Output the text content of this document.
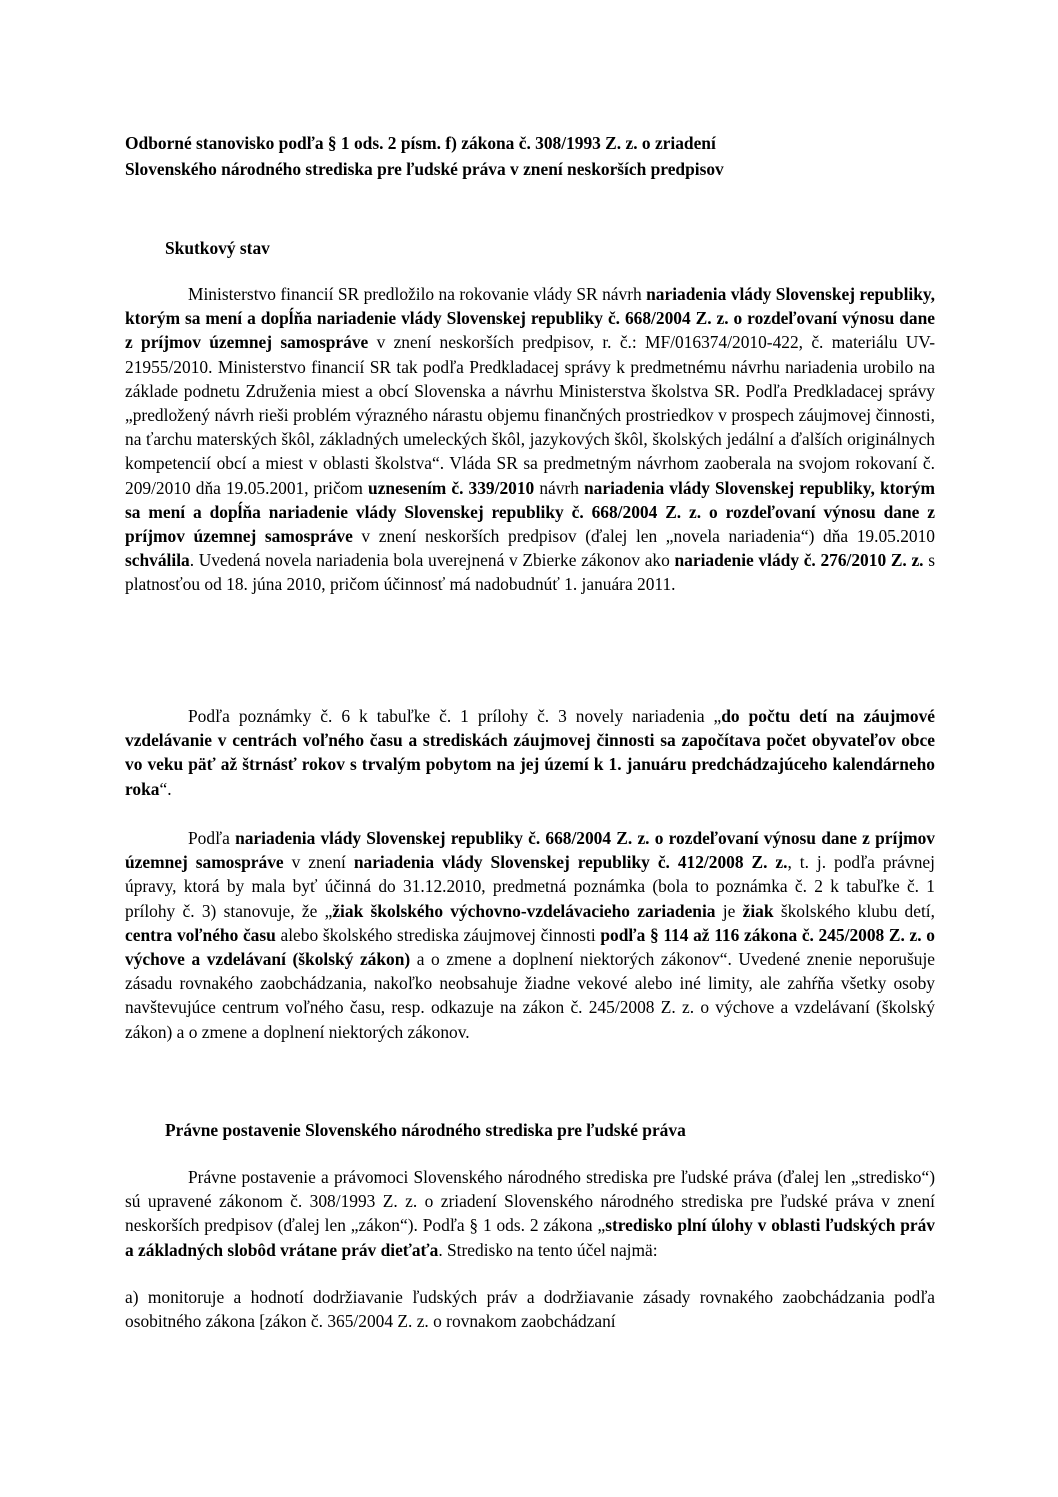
Odborné stanovisko podľa § 1 ods. 2 písm. f) zákona č. 308/1993 Z. z. o zriadení
Slovenského národného strediska pre ľudské práva v znení neskorších predpisov
Skutkový stav
Ministerstvo financií SR predložilo na rokovanie vlády SR návrh nariadenia vlády Slovenskej republiky, ktorým sa mení a dopĺňa nariadenie vlády Slovenskej republiky č. 668/2004 Z. z. o rozdeľovaní výnosu dane z príjmov územnej samospráve v znení neskorších predpisov, r. č.: MF/016374/2010-422, č. materiálu UV-21955/2010. Ministerstvo financií SR tak podľa Predkladacej správy k predmetnému návrhu nariadenia urobilo na základe podnetu Združenia miest a obcí Slovenska a návrhu Ministerstva školstva SR. Podľa Predkladacej správy „predložený návrh rieši problém výrazného nárastu objemu finančných prostriedkov v prospech záujmovej činnosti, na ťarchu materských škôl, základných umeleckých škôl, jazykových škôl, školských jedální a ďalších originálnych kompetencií obcí a miest v oblasti školstva“. Vláda SR sa predmetným návrhom zaoberala na svojom rokovaní č. 209/2010 dňa 19.05.2001, pričom uznesením č. 339/2010 návrh nariadenia vlády Slovenskej republiky, ktorým sa mení a dopĺňa nariadenie vlády Slovenskej republiky č. 668/2004 Z. z. o rozdeľovaní výnosu dane z príjmov územnej samospráve v znení neskorších predpisov (ďalej len „novela nariadenia“) dňa 19.05.2010 schválila. Uvedená novela nariadenia bola uverejnená v Zbierke zákonov ako nariadenie vlády č. 276/2010 Z. z. s platnosťou od 18. júna 2010, pričom účinnosť má nadobudnúť 1. januára 2011.
Podľa poznámky č. 6 k tabuľke č. 1 prílohy č. 3 novely nariadenia „do počtu detí na záujmové vzdelávanie v centrách voľného času a strediskách záujmovej činnosti sa započítava počet obyvateľov obce vo veku päť až štrnásť rokov s trvalým pobytom na jej území k 1. januáru predchádzajúceho kalendárneho roka“.
Podľa nariadenia vlády Slovenskej republiky č. 668/2004 Z. z. o rozdeľovaní výnosu dane z príjmov územnej samospráve v znení nariadenia vlády Slovenskej republiky č. 412/2008 Z. z., t. j. podľa právnej úpravy, ktorá by mala byť účinná do 31.12.2010, predmetná poznámka (bola to poznámka č. 2 k tabuľke č. 1 prílohy č. 3) stanovuje, že „žiak školského výchovno-vzdelávacieho zariadenia je žiak školského klubu detí, centra voľného času alebo školského strediska záujmovej činnosti podľa § 114 až 116 zákona č. 245/2008 Z. z. o výchove a vzdelávaní (školský zákon) a o zmene a doplnení niektorých zákonov“. Uvedené znenie neporušuje zásadu rovnakého zaobchádzania, nakoľko neobsahuje žiadne vekové alebo iné limity, ale zahŕňa všetky osoby navštevujúce centrum voľného času, resp. odkazuje na zákon č. 245/2008 Z. z. o výchove a vzdelávaní (školský zákon) a o zmene a doplnení niektorých zákonov.
Právne postavenie Slovenského národného strediska pre ľudské práva
Právne postavenie a právomoci Slovenského národného strediska pre ľudské práva (ďalej len „stredisko“) sú upravené zákonom č. 308/1993 Z. z. o zriadení Slovenského národného strediska pre ľudské práva v znení neskorších predpisov (ďalej len „zákon“). Podľa § 1 ods. 2 zákona „stredisko plní úlohy v oblasti ľudských práv a základných slobôd vrátane práv dieťaťa. Stredisko na tento účel najmä:
a) monitoruje a hodnotí dodržiavanie ľudských práv a dodržiavanie zásady rovnakého zaobchádzania podľa osobitného zákona [zákon č. 365/2004 Z. z. o rovnakom zaobchádzaní
